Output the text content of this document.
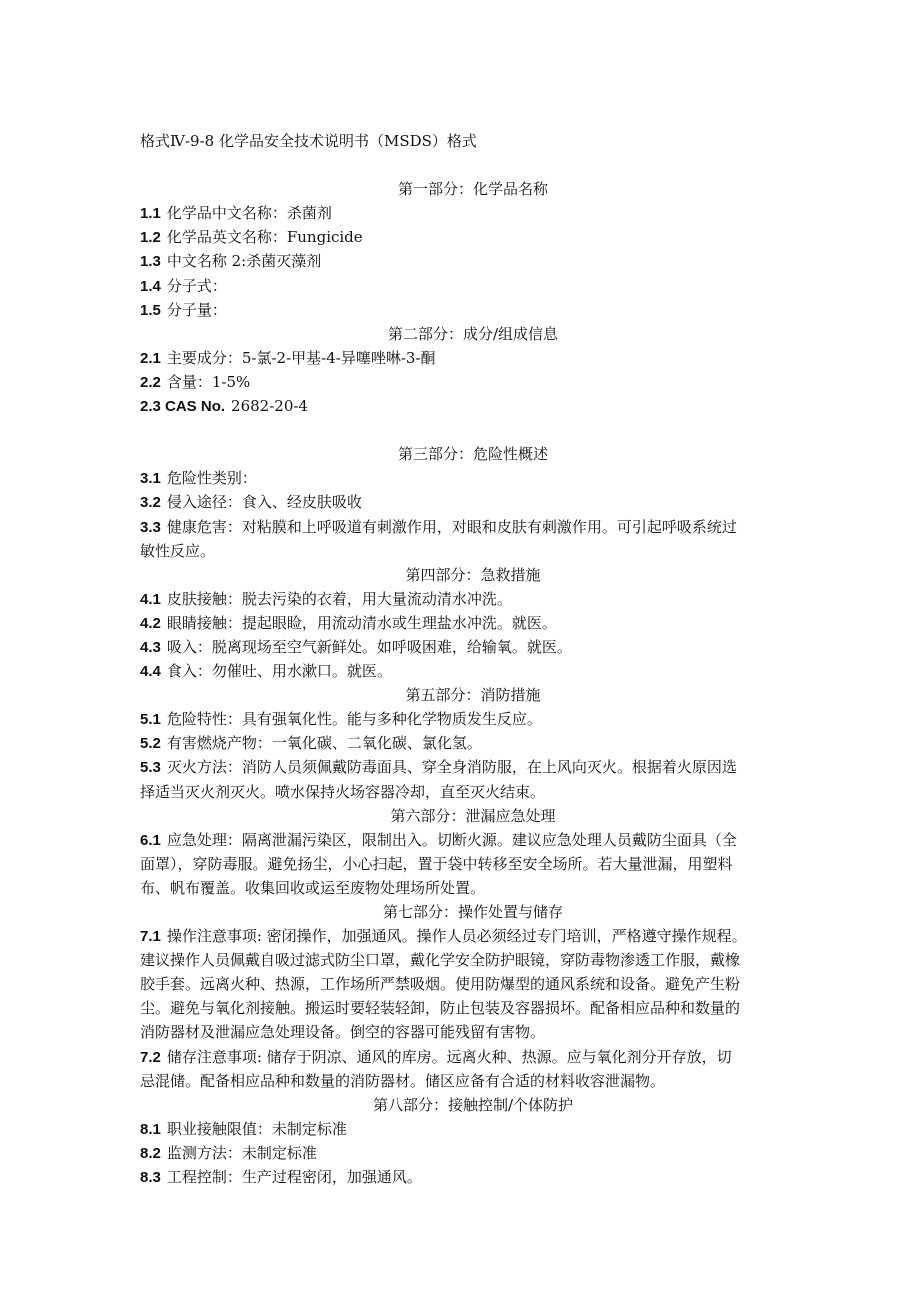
格式Ⅳ-9-8 化学品安全技术说明书（MSDS）格式
第一部分：化学品名称
1.1 化学品中文名称：杀菌剂
1.2 化学品英文名称：Fungicide
1.3 中文名称 2:杀菌灭藻剂
1.4 分子式：
1.5 分子量：
第二部分：成分/组成信息
2.1 主要成分：5-氯-2-甲基-4-异噻唑啉-3-酮
2.2 含量：1-5%
2.3 CAS No. 2682-20-4
第三部分：危险性概述
3.1 危险性类别：
3.2 侵入途径：食入、经皮肤吸收
3.3 健康危害：对粘膜和上呼吸道有刺激作用，对眼和皮肤有刺激作用。可引起呼吸系统过
敏性反应。
第四部分：急救措施
4.1 皮肤接触：脱去污染的衣着，用大量流动清水冲洗。
4.2 眼睛接触：提起眼睑，用流动清水或生理盐水冲洗。就医。
4.3 吸入：脱离现场至空气新鲜处。如呼吸困难，给输氧。就医。
4.4 食入：勿催吐、用水漱口。就医。
第五部分：消防措施
5.1 危险特性：具有强氧化性。能与多种化学物质发生反应。
5.2 有害燃烧产物：一氧化碳、二氧化碳、氯化氢。
5.3 灭火方法：消防人员须佩戴防毒面具、穿全身消防服，在上风向灭火。根据着火原因选
择适当灭火剂灭火。喷水保持火场容器冷却，直至灭火结束。
第六部分：泄漏应急处理
6.1 应急处理：隔离泄漏污染区，限制出入。切断火源。建议应急处理人员戴防尘面具（全
面罩），穿防毒服。避免扬尘，小心扫起，置于袋中转移至安全场所。若大量泄漏，用塑料
布、帆布覆盖。收集回收或运至废物处理场所处置。
第七部分：操作处置与储存
7.1 操作注意事项: 密闭操作，加强通风。操作人员必须经过专门培训，严格遵守操作规程。
建议操作人员佩戴自吸过滤式防尘口罩，戴化学安全防护眼镜，穿防毒物渗透工作服，戴橡
胶手套。远离火种、热源，工作场所严禁吸烟。使用防爆型的通风系统和设备。避免产生粉
尘。避免与氧化剂接触。搬运时要轻装轻卸，防止包装及容器损坏。配备相应品种和数量的
消防器材及泄漏应急处理设备。倒空的容器可能残留有害物。
7.2 储存注意事项: 储存于阴凉、通风的库房。远离火种、热源。应与氧化剂分开存放，切
忌混储。配备相应品种和数量的消防器材。储区应备有合适的材料收容泄漏物。
第八部分：接触控制/个体防护
8.1 职业接触限值：未制定标准
8.2 监测方法：未制定标准
8.3 工程控制：生产过程密闭，加强通风。
